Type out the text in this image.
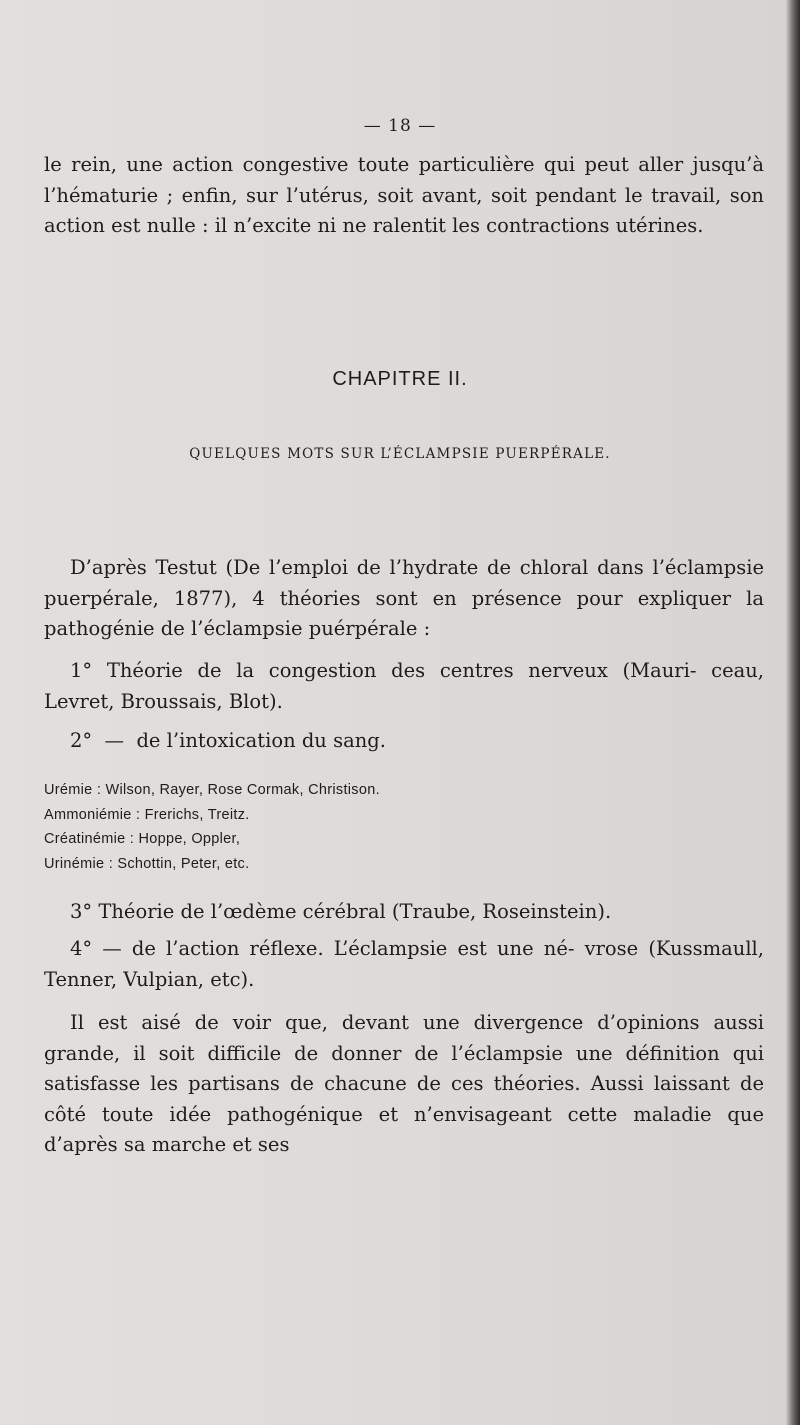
— 18 —

le rein, une action congestive toute particulière qui peut aller jusqu’à l’hématurie ; enfin, sur l’utérus, soit avant, soit pendant le travail, son action est nulle : il n’excite ni ne ralentit les contractions utérines.

CHAPITRE II.
QUELQUES MOTS SUR L’ÉCLAMPSIE PUERPÉRALE.

D’après Testut (De l’emploi de l’hydrate de chloral dans l’éclampsie puerpérale, 1877), 4 théories sont en présence pour expliquer la pathogénie de l’éclampsie puérpérale :

1° Théorie de la congestion des centres nerveux (Mauri- ceau, Levret, Broussais, Blot).

2°  —  de l’intoxication du sang.

Urémie : Wilson, Rayer, Rose Cormak, Christison.

Ammoniémie : Frerichs, Treitz.

Créatinémie : Hoppe, Oppler,

Urinémie : Schottin, Peter, etc.

3° Théorie de l’œdème cérébral (Traube, Roseinstein).

4° — de l’action réflexe. L’éclampsie est une né- vrose (Kussmaull, Tenner, Vulpian, etc).

Il est aisé de voir que, devant une divergence d’opinions aussi grande, il soit difficile de donner de l’éclampsie une définition qui satisfasse les partisans de chacune de ces théories. Aussi laissant de côté toute idée pathogénique et n’envisageant cette maladie que d’après sa marche et ses
